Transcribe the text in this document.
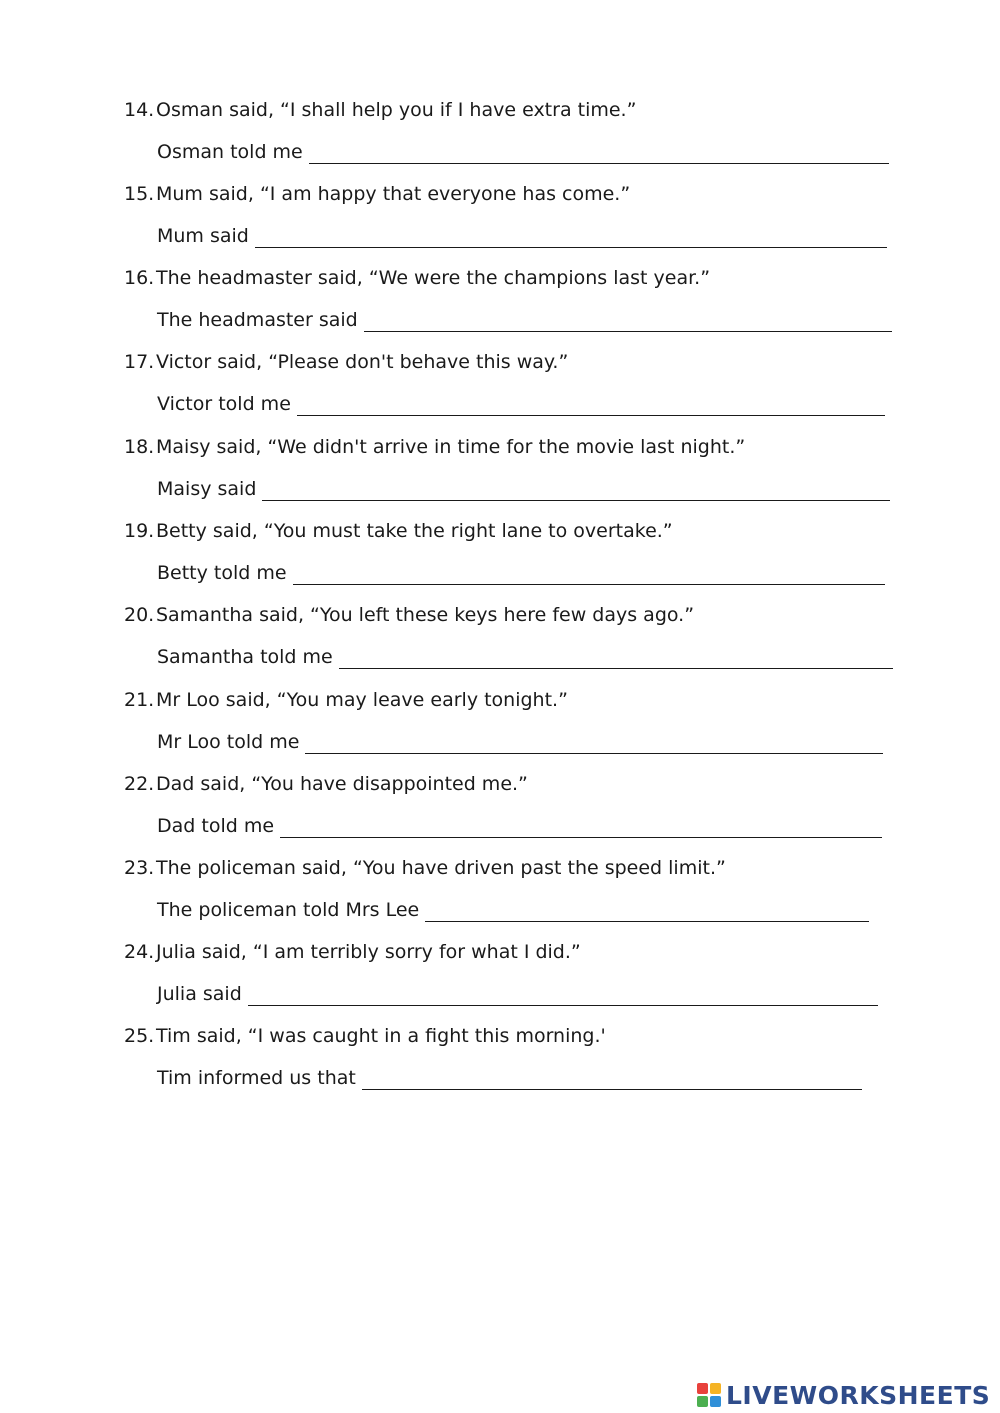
14.Osman said, “I shall help you if I have extra time.”
Osman told me
15.Mum said, “I am happy that everyone has come.”
Mum said
16.The headmaster said, “We were the champions last year.”
The headmaster said
17.Victor said, “Please don't behave this way.”
Victor told me
18.Maisy said, “We didn't arrive in time for the movie last night.”
Maisy said
19.Betty said, “You must take the right lane to overtake.”
Betty told me
20.Samantha said, “You left these keys here few days ago.”
Samantha told me
21.Mr Loo said, “You may leave early tonight.”
Mr Loo told me
22.Dad said, “You have disappointed me.”
Dad told me
23.The policeman said, “You have driven past the speed limit.”
The policeman told Mrs Lee
24.Julia said, “I am terribly sorry for what I did.”
Julia said
25.Tim said, “I was caught in a fight this morning.'
Tim informed us that
LIVEWORKSHEETS
